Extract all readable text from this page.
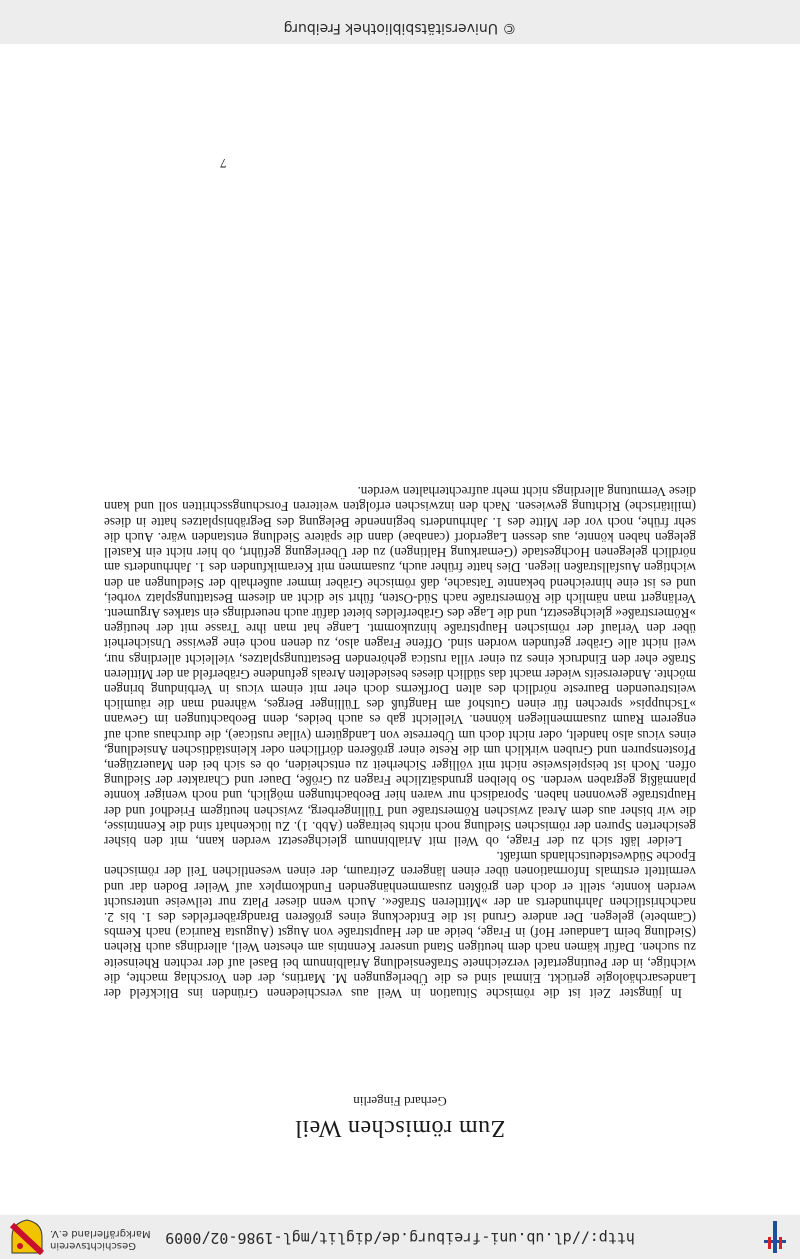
http://dl.ub.uni-freiburg.de/diglit/mgl-1986-02/0009
Geschichtsverein
Markgräflerland e.V.
© Universitätsbibliothek Freiburg
Zum römischen Weil
Gerhard Fingerlin

In jüngster Zeit ist die römische Situation in Weil aus verschiedenen Gründen ins Blickfeld der Landesarchäologie gerückt. Einmal sind es die Überlegungen M. Martins, der den Vorschlag machte, die wichtige, in der Peutingertafel verzeichnete Straßensiedlung Arialbinnum bei Basel auf der rechten Rheinseite zu suchen. Dafür kämen nach dem heutigen Stand unserer Kenntnis am ehesten Weil, allerdings auch Riehen (Siedlung beim Landauer Hof) in Frage, beide an der Hauptstraße von Augst (Augusta Raurica) nach Kembs (Cambete) gelegen. Der andere Grund ist die Entdeckung eines größeren Brandgräberfeldes des 1. bis 2. nachchristlichen Jahrhunderts an der »Mittleren Straße«. Auch wenn dieser Platz nur teilweise untersucht werden konnte, stellt er doch den größten zusammenhängenden Fundkomplex auf Weiler Boden dar und vermittelt erstmals Informationen über einen längeren Zeitraum, der einen wesentlichen Teil der römischen Epoche Südwestdeutschlands umfaßt.

Leider läßt sich zu der Frage, ob Weil mit Arialbinnum gleichgesetzt werden kann, mit den bisher gesicherten Spuren der römischen Siedlung noch nichts beitragen (Abb. 1). Zu lückenhaft sind die Kenntnisse, die wir bisher aus dem Areal zwischen Römerstraße und Tüllingerberg, zwischen heutigem Friedhof und der Hauptstraße gewonnen haben. Sporadisch nur waren hier Beobachtungen möglich, und noch weniger konnte planmäßig gegraben werden. So bleiben grundsätzliche Fragen zu Größe, Dauer und Charakter der Siedlung offen. Noch ist beispielsweise nicht mit völliger Sicherheit zu entscheiden, ob es sich bei den Mauerzügen, Pfostenspuren und Gruben wirklich um die Reste einer größeren dörflichen oder kleinstädtischen Ansiedlung, eines vicus also handelt, oder nicht doch um Überreste von Landgütern (villae rusticae), die durchaus auch auf engerem Raum zusammenliegen können. Vielleicht gab es auch beides, denn Beobachtungen im Gewann »Tschuppis« sprechen für einen Gutshof am Hangfuß des Tüllinger Berges, während man die räumlich weitstreuenden Baureste nördlich des alten Dorfkerns doch eher mit einem vicus in Verbindung bringen möchte. Andererseits wieder macht das südlich dieses besiedelten Areals gefundene Gräberfeld an der Mittleren Straße eher den Eindruck eines zu einer villa rustica gehörenden Bestattungsplatzes, vielleicht allerdings nur, weil nicht alle Gräber gefunden worden sind. Offene Fragen also, zu denen noch eine gewisse Unsicherheit über den Verlauf der römischen Hauptstraße hinzukommt. Lange hat man ihre Trasse mit der heutigen »Römerstraße« gleichgesetzt, und die Lage des Gräberfeldes bietet dafür auch neuerdings ein starkes Argument. Verlängert man nämlich die Römerstraße nach Süd-Osten, führt sie dicht an diesem Bestattungsplatz vorbei, und es ist eine hinreichend bekannte Tatsache, daß römische Gräber immer außerhalb der Siedlungen an den wichtigen Ausfallstraßen liegen. Dies hatte früher auch, zusammen mit Keramikfunden des 1. Jahrhunderts am nördlich gelegenen Hochgestade (Gemarkung Haltingen) zu der Überlegung geführt, ob hier nicht ein Kastell gelegen haben könnte, aus dessen Lagerdorf (canabae) dann die spätere Siedlung entstanden wäre. Auch die sehr frühe, noch vor der Mitte des 1. Jahrhunderts beginnende Belegung des Begräbnisplatzes hatte in diese (militärische) Richtung gewiesen. Nach den inzwischen erfolgten weiteren Forschungsschritten soll und kann diese Vermutung allerdings nicht mehr aufrechterhalten werden.

7
